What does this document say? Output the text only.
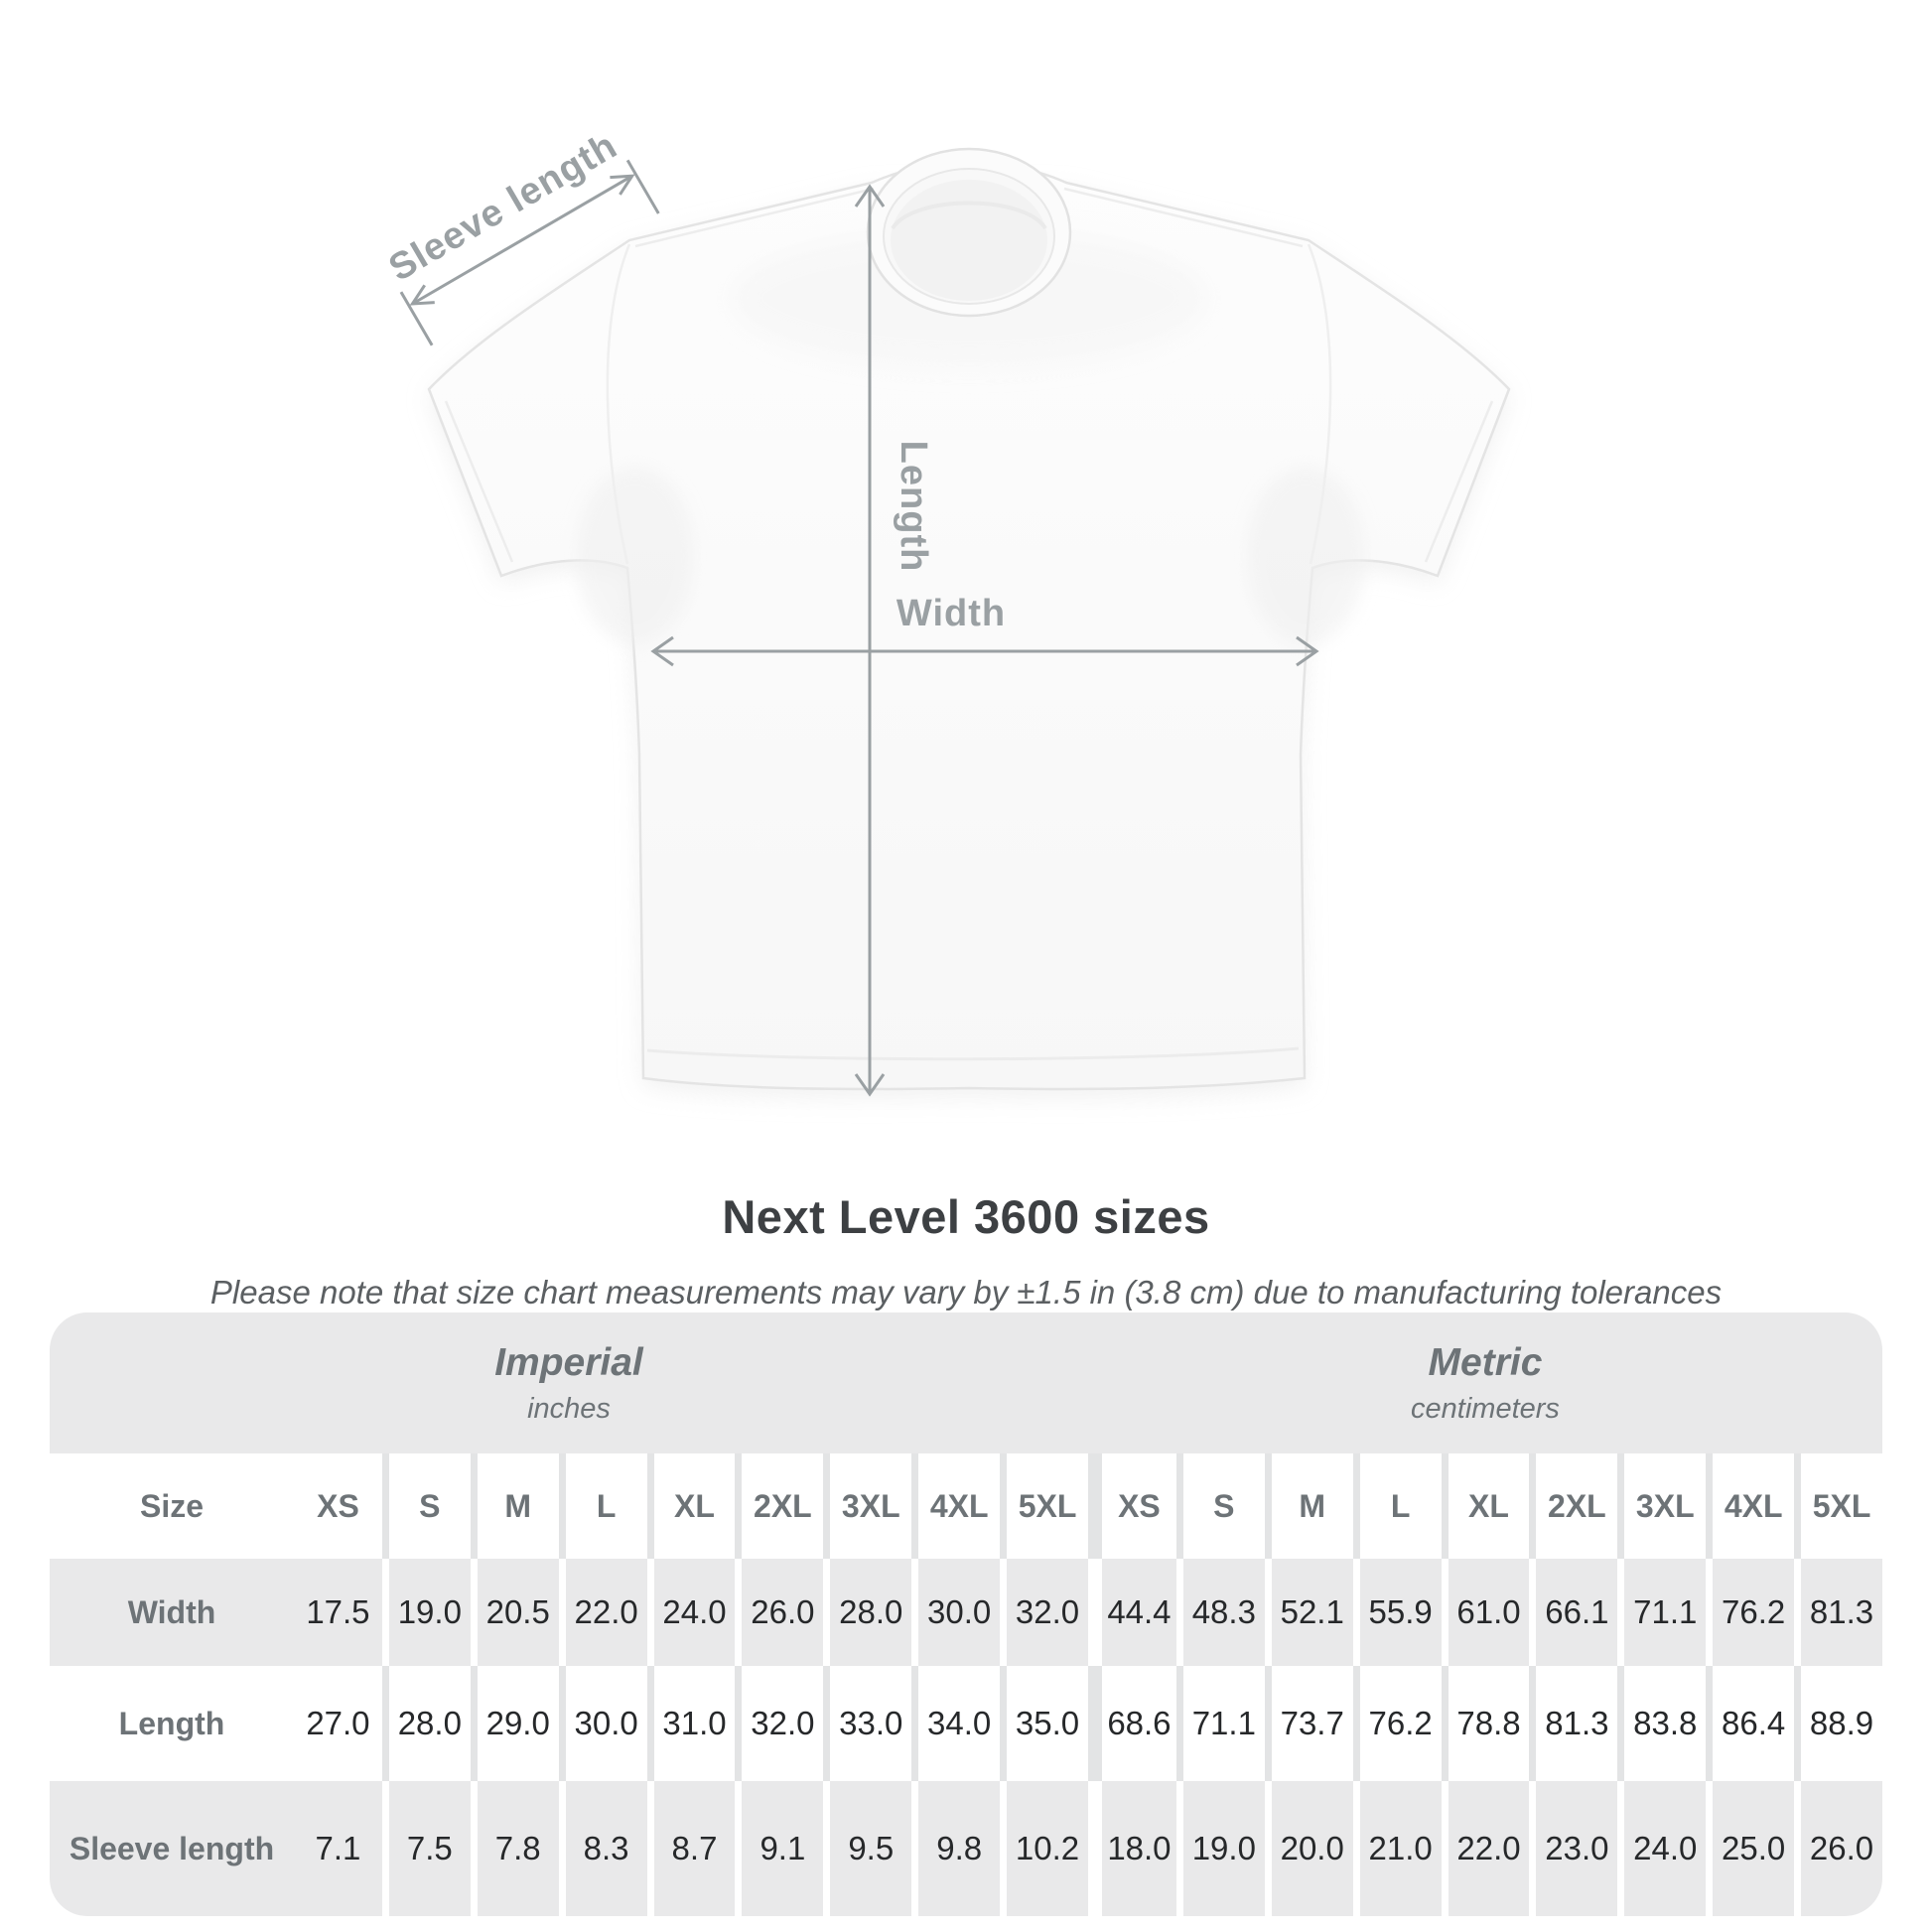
Sleeve length
Length
Width
Next Level 3600 sizes
Please note that size chart measurements may vary by ±1.5 in (3.8 cm) due to manufacturing tolerances
Imperial
inches
Metric
centimeters
Size	XS	S	M	L	XL	2XL 3XL 4XL 5XL	XS	S	M	L	XL	2XL 3XL 4XL 5XL
Width	17.5 19.0 20.5 22.0 24.0 26.0 28.0 30.0 32.0 44.4 48.3 52.1 55.9 61.0 66.1 71.1 76.2 81.3
Length	27.0 28.0 29.0 30.0 31.0 32.0 33.0 34.0 35.0 68.6 71.1 73.7 76.2 78.8 81.3 83.8 86.4 88.9
Sleeve length	7.1	7.5	7.8	8.3	8.7	9.1	9.5	9.8	10.2 18.0 19.0 20.0 21.0 22.0 23.0 24.0 25.0 26.0
